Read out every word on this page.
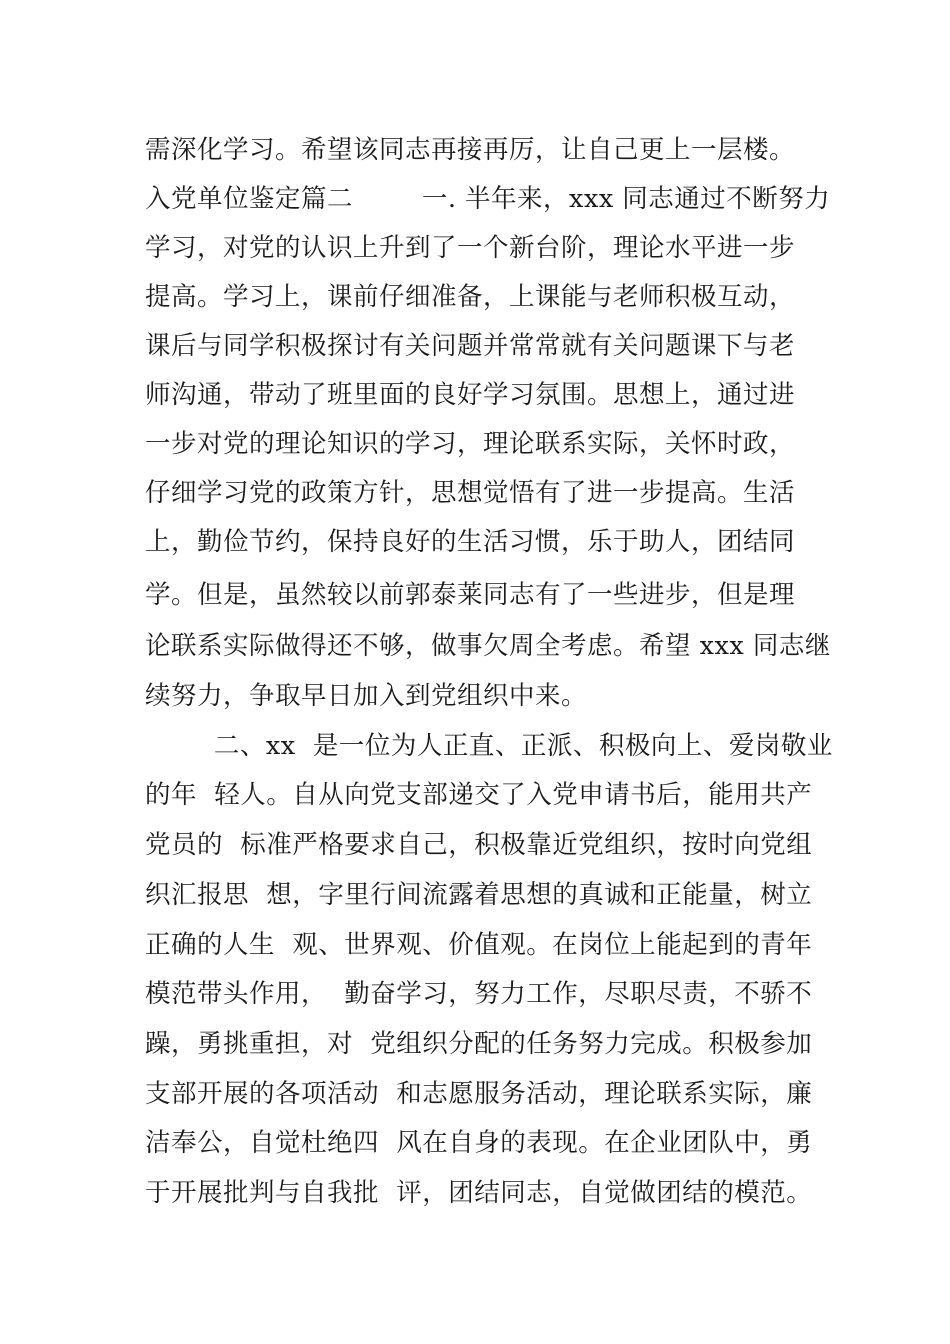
需深化学习。希望该同志再接再厉，让自己更上一层楼。
入党单位鉴定篇二        一. 半年来，xxx 同志通过不断努力
学习，对党的认识上升到了一个新台阶，理论水平进一步
提高。学习上，课前仔细准备，上课能与老师积极互动，
课后与同学积极探讨有关问题并常常就有关问题课下与老
师沟通，带动了班里面的良好学习氛围。思想上，通过进
一步对党的理论知识的学习，理论联系实际，关怀时政，
仔细学习党的政策方针，思想觉悟有了进一步提高。生活
上，勤俭节约，保持良好的生活习惯，乐于助人，团结同
学。但是，虽然较以前郭泰莱同志有了一些进步，但是理
论联系实际做得还不够，做事欠周全考虑。希望 xxx 同志继
续努力，争取早日加入到党组织中来。
二、xx  是一位为人正直、正派、积极向上、爱岗敬业
的年  轻人。自从向党支部递交了入党申请书后，能用共产
党员的  标准严格要求自己，积极靠近党组织，按时向党组
织汇报思  想，字里行间流露着思想的真诚和正能量，树立
正确的人生  观、世界观、价值观。在岗位上能起到的青年
模范带头作用，  勤奋学习，努力工作，尽职尽责，不骄不
躁，勇挑重担，对  党组织分配的任务努力完成。积极参加
支部开展的各项活动  和志愿服务活动，理论联系实际，廉
洁奉公，自觉杜绝四  风在自身的表现。在企业团队中，勇
于开展批判与自我批  评，团结同志，自觉做团结的模范。
